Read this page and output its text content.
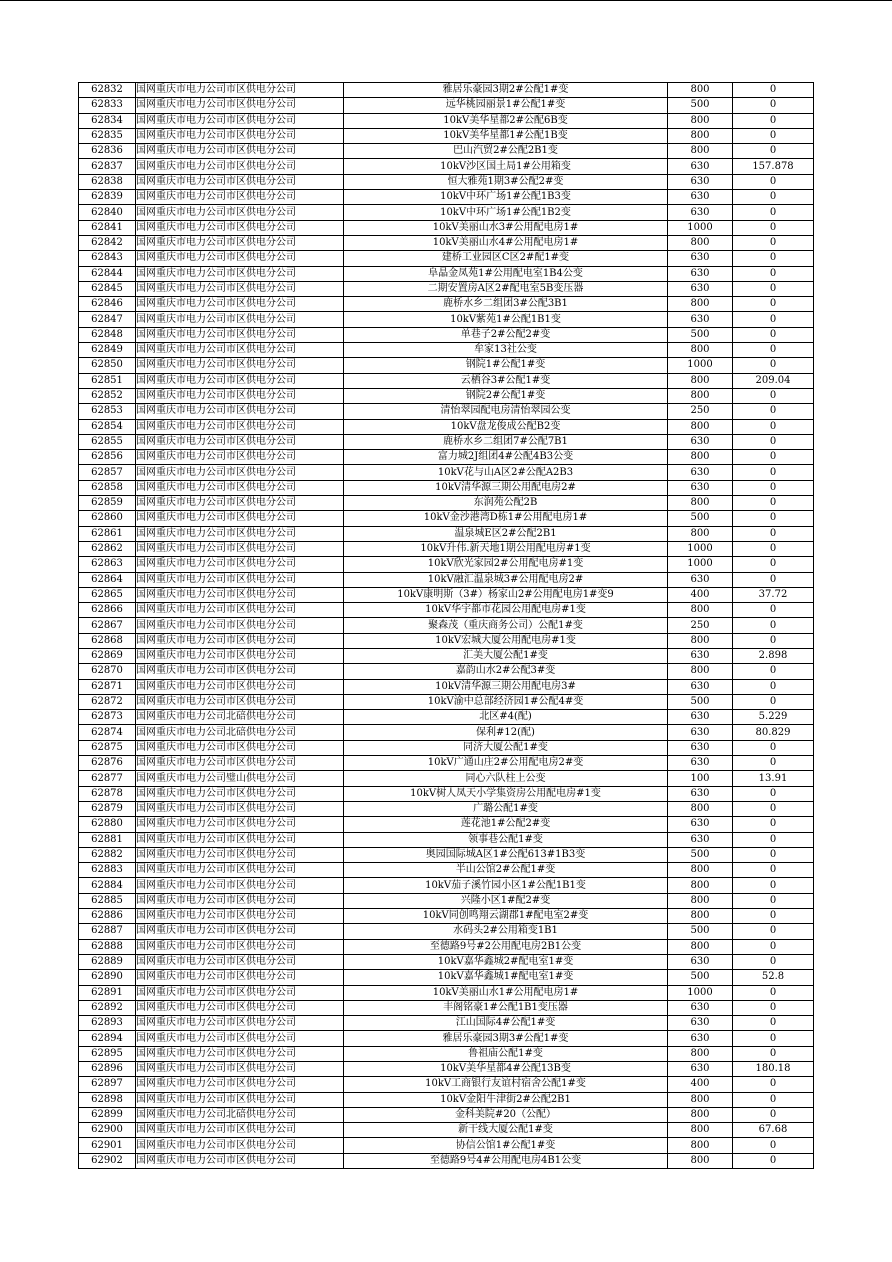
62832	国网重庆市电力公司市区供电分公司	雅居乐豪园3期2#公配1#变	800	0
62833	国网重庆市电力公司市区供电分公司	远华桃园丽景1#公配1#变	500	0
62834	国网重庆市电力公司市区供电分公司	10kV美华星都2#公配6B变	800	0
62835	国网重庆市电力公司市区供电分公司	10kV美华星都1#公配1B变	800	0
62836	国网重庆市电力公司市区供电分公司	巴山汽贸2#公配2B1变	800	0
62837	国网重庆市电力公司市区供电分公司	10kV沙区国土局1#公用箱变	630	157.878
62838	国网重庆市电力公司市区供电分公司	恒大雅苑1期3#公配2#变	630	0
62839	国网重庆市电力公司市区供电分公司	10kV中环广场1#公配1B3变	630	0
62840	国网重庆市电力公司市区供电分公司	10kV中环广场1#公配1B2变	630	0
62841	国网重庆市电力公司市区供电分公司	10kV美丽山水3#公用配电房1#	1000	0
62842	国网重庆市电力公司市区供电分公司	10kV美丽山水4#公用配电房1#	800	0
62843	国网重庆市电力公司市区供电分公司	建桥工业园区C区2#配1#变	630	0
62844	国网重庆市电力公司市区供电分公司	阜晶金凤苑1#公用配电室1B4公变	630	0
62845	国网重庆市电力公司市区供电分公司	二期安置房A区2#配电室5B变压器	630	0
62846	国网重庆市电力公司市区供电分公司	鹿桥水乡二组团3#公配3B1	800	0
62847	国网重庆市电力公司市区供电分公司	10kV紫苑1#公配1B1变	630	0
62848	国网重庆市电力公司市区供电分公司	单巷子2#公配2#变	500	0
62849	国网重庆市电力公司市区供电分公司	牟家13社公变	800	0
62850	国网重庆市电力公司市区供电分公司	钢院1#公配1#变	1000	0
62851	国网重庆市电力公司市区供电分公司	云栖谷3#公配1#变	800	209.04
62852	国网重庆市电力公司市区供电分公司	钢院2#公配1#变	800	0
62853	国网重庆市电力公司市区供电分公司	清怡翠园配电房清怡翠园公变	250	0
62854	国网重庆市电力公司市区供电分公司	10kV盘龙俊成公配B2变	800	0
62855	国网重庆市电力公司市区供电分公司	鹿桥水乡二组团7#公配7B1	630	0
62856	国网重庆市电力公司市区供电分公司	富力城2J组团4#公配4B3公变	800	0
62857	国网重庆市电力公司市区供电分公司	10kV花与山A区2#公配A2B3	630	0
62858	国网重庆市电力公司市区供电分公司	10kV清华源三期公用配电房2#	630	0
62859	国网重庆市电力公司市区供电分公司	东润苑公配2B	800	0
62860	国网重庆市电力公司市区供电分公司	10kV金沙港湾D栋1#公用配电房1#	500	0
62861	国网重庆市电力公司市区供电分公司	温泉城E区2#公配2B1	800	0
62862	国网重庆市电力公司市区供电分公司	10kV升伟.新天地1期公用配电房#1变	1000	0
62863	国网重庆市电力公司市区供电分公司	10kV欣光家园2#公用配电房#1变	1000	0
62864	国网重庆市电力公司市区供电分公司	10kV融汇温泉城3#公用配电房2#	630	0
62865	国网重庆市电力公司市区供电分公司	10kV康明斯（3#）杨家山2#公用配电房1#变9	400	37.72
62866	国网重庆市电力公司市区供电分公司	10kV华宇都市花园公用配电房#1变	800	0
62867	国网重庆市电力公司市区供电分公司	聚森茂（重庆商务公司）公配1#变	250	0
62868	国网重庆市电力公司市区供电分公司	10kV宏城大厦公用配电房#1变	800	0
62869	国网重庆市电力公司市区供电分公司	汇美大厦公配1#变	630	2.898
62870	国网重庆市电力公司市区供电分公司	嘉韵山水2#公配3#变	800	0
62871	国网重庆市电力公司市区供电分公司	10kV清华源三期公用配电房3#	630	0
62872	国网重庆市电力公司市区供电分公司	10kV渝中总部经济园1#公配4#变	500	0
62873	国网重庆市电力公司北碚供电分公司	北区#4(配)	630	5.229
62874	国网重庆市电力公司北碚供电分公司	保利#12(配)	630	80.829
62875	国网重庆市电力公司市区供电分公司	同济大厦公配1#变	630	0
62876	国网重庆市电力公司市区供电分公司	10kV广通山庄2#公用配电房2#变	630	0
62877	国网重庆市电力公司璧山供电分公司	同心六队柱上公变	100	13.91
62878	国网重庆市电力公司市区供电分公司	10kV树人凤天小学集资房公用配电房#1变	630	0
62879	国网重庆市电力公司市区供电分公司	广璐公配1#变	800	0
62880	国网重庆市电力公司市区供电分公司	莲花池1#公配2#变	630	0
62881	国网重庆市电力公司市区供电分公司	领事巷公配1#变	630	0
62882	国网重庆市电力公司市区供电分公司	奥园国际城A区1#公配613#1B3变	500	0
62883	国网重庆市电力公司市区供电分公司	半山公馆2#公配1#变	800	0
62884	国网重庆市电力公司市区供电分公司	10kV茄子溪竹园小区1#公配1B1变	800	0
62885	国网重庆市电力公司市区供电分公司	兴隆小区1#配2#变	800	0
62886	国网重庆市电力公司市区供电分公司	10kV同创鸣翔云湖郡1#配电室2#变	800	0
62887	国网重庆市电力公司市区供电分公司	水码头2#公用箱变1B1	500	0
62888	国网重庆市电力公司市区供电分公司	至德路9号#2公用配电房2B1公变	800	0
62889	国网重庆市电力公司市区供电分公司	10kV嘉华鑫城2#配电室1#变	630	0
62890	国网重庆市电力公司市区供电分公司	10kV嘉华鑫城1#配电室1#变	500	52.8
62891	国网重庆市电力公司市区供电分公司	10kV美丽山水1#公用配电房1#	1000	0
62892	国网重庆市电力公司市区供电分公司	丰阁铭豪1#公配1B1变压器	630	0
62893	国网重庆市电力公司市区供电分公司	江山国际4#公配1#变	630	0
62894	国网重庆市电力公司市区供电分公司	雅居乐豪园3期3#公配1#变	630	0
62895	国网重庆市电力公司市区供电分公司	鲁祖庙公配1#变	800	0
62896	国网重庆市电力公司市区供电分公司	10kV美华星都4#公配13B变	630	180.18
62897	国网重庆市电力公司市区供电分公司	10kV工商银行友谊村宿舍公配1#变	400	0
62898	国网重庆市电力公司市区供电分公司	10kV金阳牛津街2#公配2B1	800	0
62899	国网重庆市电力公司北碚供电分公司	金科美院#20（公配）	800	0
62900	国网重庆市电力公司市区供电分公司	新干线大厦公配1#变	800	67.68
62901	国网重庆市电力公司市区供电分公司	协信公馆1#公配1#变	800	0
62902	国网重庆市电力公司市区供电分公司	至德路9号4#公用配电房4B1公变	800	0
